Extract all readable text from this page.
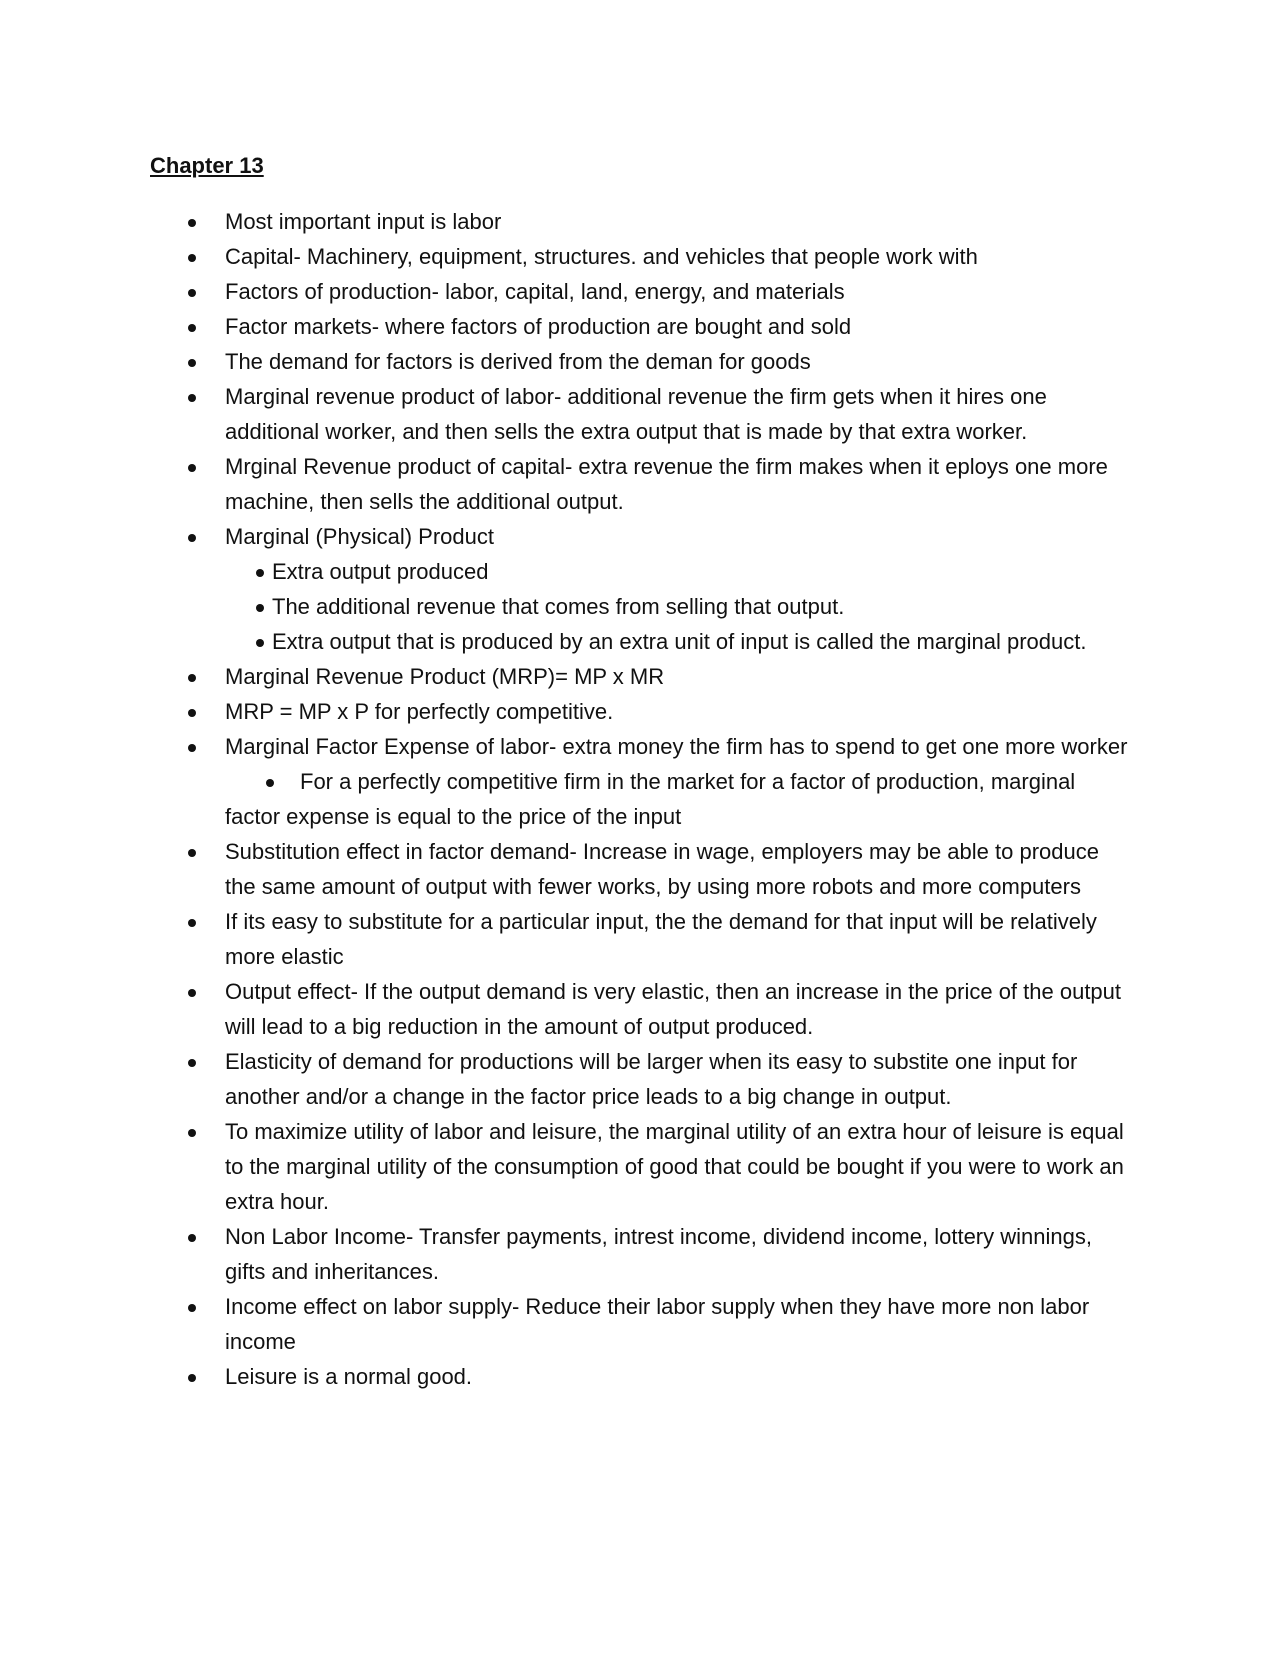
Chapter 13
Most important input is labor
Capital- Machinery, equipment, structures. and vehicles that people work with
Factors of production- labor, capital, land, energy, and materials
Factor markets- where factors of production are bought and sold
The demand for factors is derived from the deman for goods
Marginal revenue product of labor- additional revenue the firm gets when it hires one additional worker, and then sells the extra output that is made by that extra worker.
Mrginal Revenue product of capital- extra revenue the firm makes when it eploys one more machine, then sells the additional output.
Marginal (Physical) Product
Extra output produced
The additional revenue that comes from selling that output.
Extra output that is produced by an extra unit of input is called the marginal product.
Marginal Revenue Product (MRP)= MP x MR
MRP = MP x P for perfectly competitive.
Marginal Factor Expense of labor- extra money the firm has to spend to get one more worker
For a perfectly competitive firm in the market for a factor of production, marginal factor expense is equal to the price of the input
Substitution effect in factor demand- Increase in wage, employers may be able to produce the same amount of output with fewer works, by using more robots and more computers
If its easy to substitute for a particular input, the the demand for that input will be relatively more elastic
Output effect- If the output demand is very elastic, then an increase in the price of the output will lead to a big reduction in the amount of output produced.
Elasticity of demand for productions will be larger when its easy to substite one input for another and/or a change in the factor price leads to a big change in output.
To maximize utility of labor and leisure, the marginal utility of an extra hour of leisure is equal to the marginal utility of the consumption of good that could be bought if you were to work an extra hour.
Non Labor Income- Transfer payments, intrest income, dividend income, lottery winnings, gifts and inheritances.
Income effect on labor supply- Reduce their labor supply when they have more non labor income
Leisure is a normal good.
